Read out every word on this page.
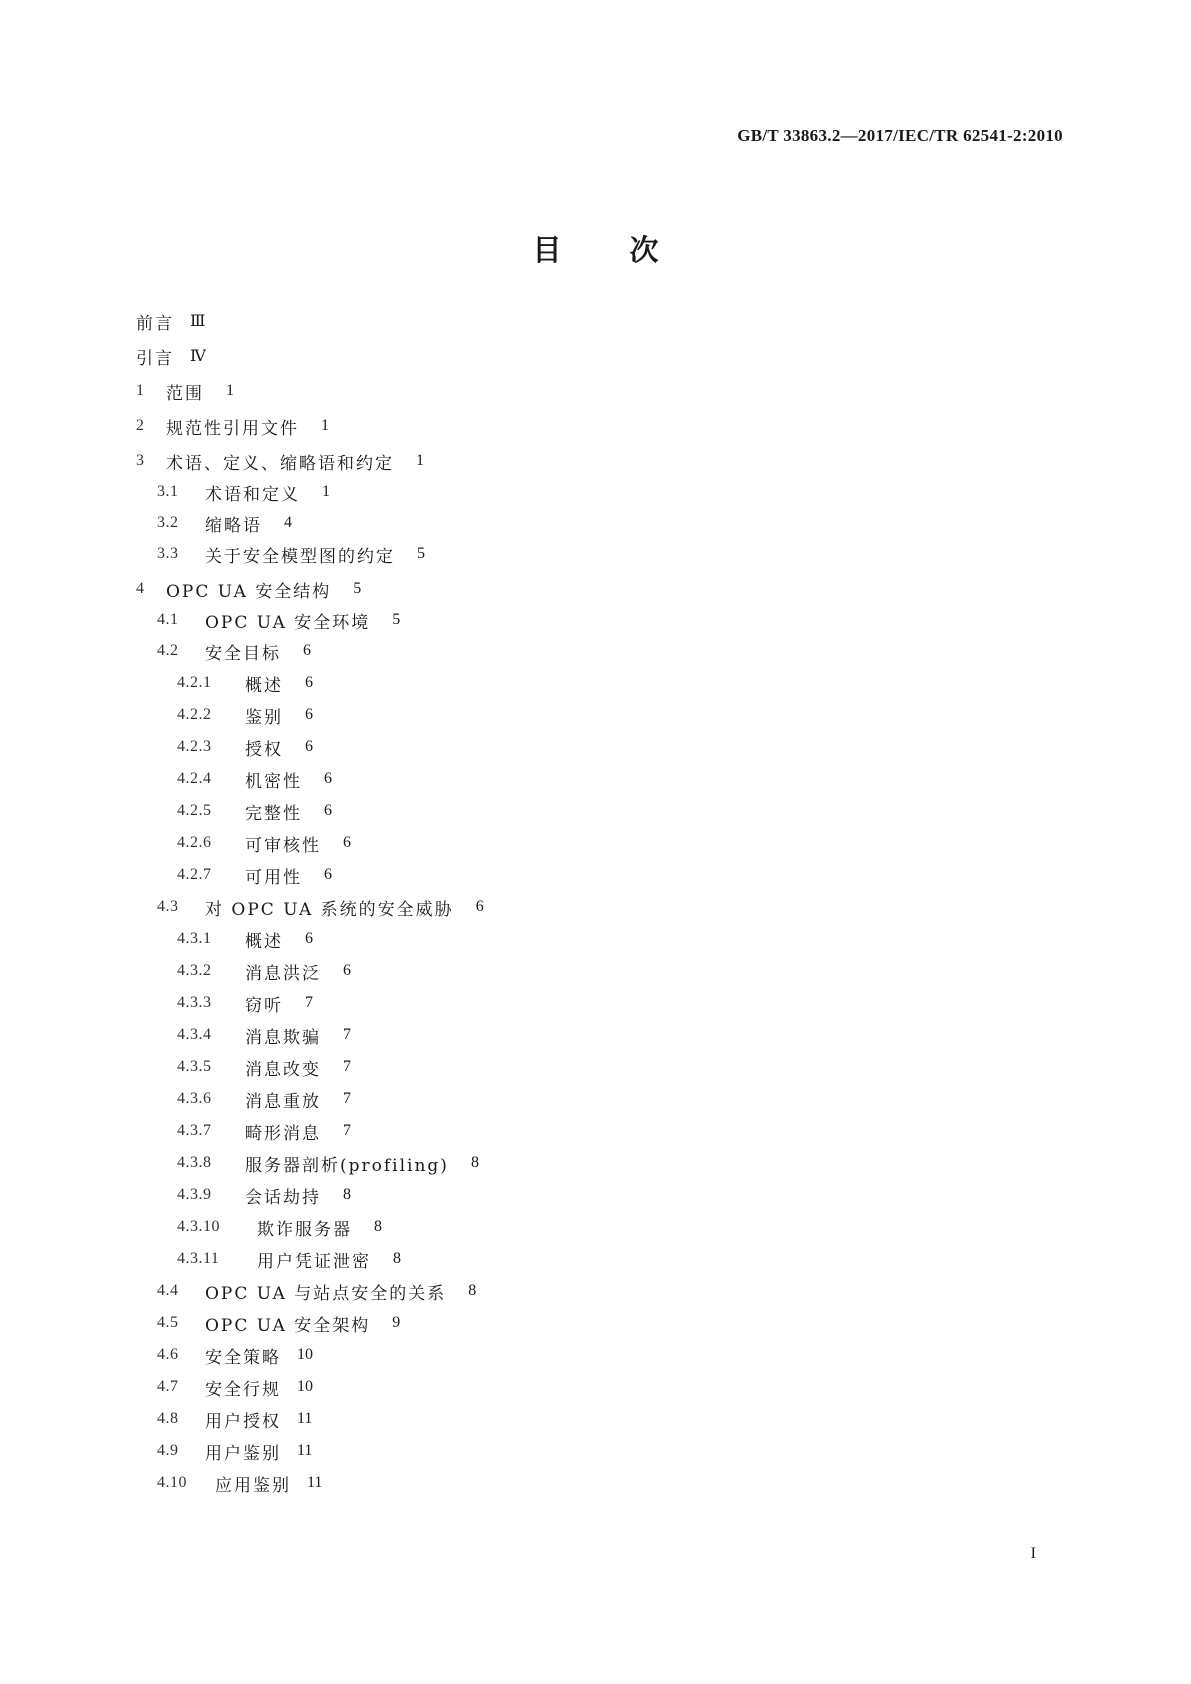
GB/T 33863.2—2017/IEC/TR 62541-2:2010
目 次
前言 Ⅲ
引言 Ⅳ
1	范围	1
2	规范性引用文件	1
3	术语、定义、缩略语和约定	1
3.1	术语和定义	1
3.2	缩略语	4
3.3	关于安全模型图的约定	5
4	OPC UA 安全结构	5
4.1	OPC UA 安全环境	5
4.2	安全目标	6
4.2.1	概述	6
4.2.2	鉴别	6
4.2.3	授权	6
4.2.4	机密性	6
4.2.5	完整性	6
4.2.6	可审核性	6
4.2.7	可用性	6
4.3	对 OPC UA 系统的安全威胁	6
4.3.1	概述	6
4.3.2	消息洪泛	6
4.3.3	窃听	7
4.3.4	消息欺骗	7
4.3.5	消息改变	7
4.3.6	消息重放	7
4.3.7	畸形消息	7
4.3.8	服务器剖析(profiling)	8
4.3.9	会话劫持	8
4.3.10	欺诈服务器	8
4.3.11	用户凭证泄密	8
4.4	OPC UA 与站点安全的关系	8
4.5	OPC UA 安全架构	9
4.6	安全策略 10
4.7	安全行规 10
4.8	用户授权 11
4.9	用户鉴别 11
4.10	应用鉴别 11
I
